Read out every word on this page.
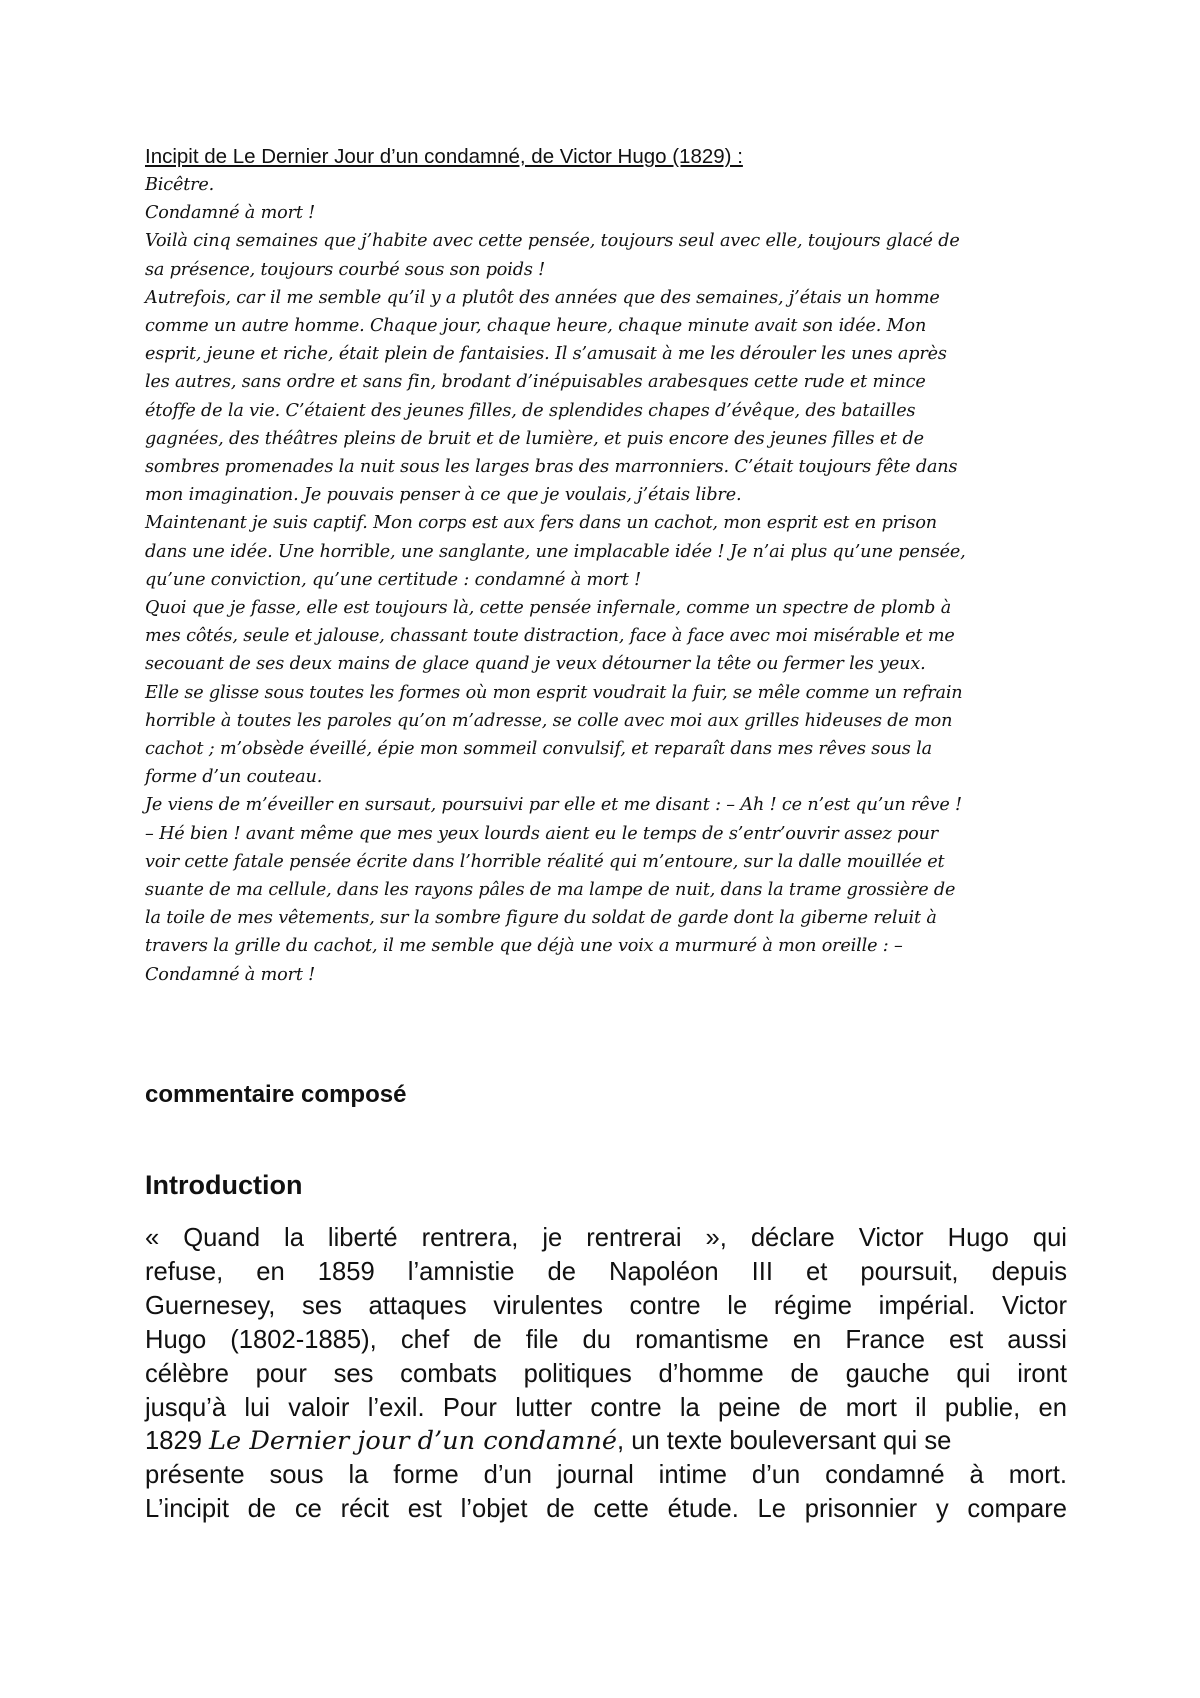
Incipit de Le Dernier Jour d’un condamné, de Victor Hugo (1829) :
Bicêtre.
Condamné à mort !
Voilà cinq semaines que j’habite avec cette pensée, toujours seul avec elle, toujours glacé de
sa présence, toujours courbé sous son poids !
Autrefois, car il me semble qu’il y a plutôt des années que des semaines, j’étais un homme
comme un autre homme. Chaque jour, chaque heure, chaque minute avait son idée. Mon
esprit, jeune et riche, était plein de fantaisies. Il s’amusait à me les dérouler les unes après
les autres, sans ordre et sans fin, brodant d’inépuisables arabesques cette rude et mince
étoffe de la vie. C’étaient des jeunes filles, de splendides chapes d’évêque, des batailles
gagnées, des théâtres pleins de bruit et de lumière, et puis encore des jeunes filles et de
sombres promenades la nuit sous les larges bras des marronniers. C’était toujours fête dans
mon imagination. Je pouvais penser à ce que je voulais, j’étais libre.
Maintenant je suis captif. Mon corps est aux fers dans un cachot, mon esprit est en prison
dans une idée. Une horrible, une sanglante, une implacable idée ! Je n’ai plus qu’une pensée,
qu’une conviction, qu’une certitude : condamné à mort !
Quoi que je fasse, elle est toujours là, cette pensée infernale, comme un spectre de plomb à
mes côtés, seule et jalouse, chassant toute distraction, face à face avec moi misérable et me
secouant de ses deux mains de glace quand je veux détourner la tête ou fermer les yeux.
Elle se glisse sous toutes les formes où mon esprit voudrait la fuir, se mêle comme un refrain
horrible à toutes les paroles qu’on m’adresse, se colle avec moi aux grilles hideuses de mon
cachot ; m’obsède éveillé, épie mon sommeil convulsif, et reparaît dans mes rêves sous la
forme d’un couteau.
Je viens de m’éveiller en sursaut, poursuivi par elle et me disant : – Ah ! ce n’est qu’un rêve !
– Hé bien ! avant même que mes yeux lourds aient eu le temps de s’entr’ouvrir assez pour
voir cette fatale pensée écrite dans l’horrible réalité qui m’entoure, sur la dalle mouillée et
suante de ma cellule, dans les rayons pâles de ma lampe de nuit, dans la trame grossière de
la toile de mes vêtements, sur la sombre figure du soldat de garde dont la giberne reluit à
travers la grille du cachot, il me semble que déjà une voix a murmuré à mon oreille : –
Condamné à mort !
commentaire composé
Introduction
« Quand la liberté rentrera, je rentrerai », déclare Victor Hugo qui
refuse, en 1859 l’amnistie de Napoléon III et poursuit, depuis
Guernesey, ses attaques virulentes contre le régime impérial. Victor
Hugo (1802-1885), chef de file du romantisme en France est aussi
célèbre pour ses combats politiques d’homme de gauche qui iront
jusqu’à lui valoir l’exil. Pour lutter contre la peine de mort il publie, en
1829 Le Dernier jour d’un condamné, un texte bouleversant qui se
présente sous la forme d’un journal intime d’un condamné à mort.
L’incipit de ce récit est l’objet de cette étude. Le prisonnier y compare
